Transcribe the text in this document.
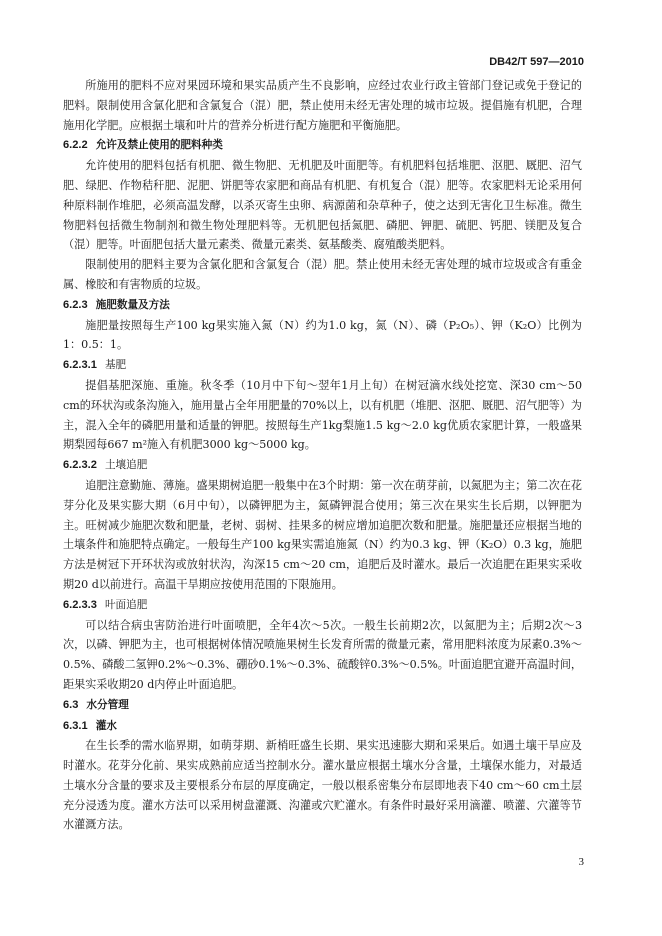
DB42/T 597—2010

所施用的肥料不应对果园环境和果实品质产生不良影响，应经过农业行政主管部门登记或免于登记的肥料。限制使用含氯化肥和含氯复合（混）肥，禁止使用未经无害处理的城市垃圾。提倡施有机肥，合理施用化学肥。应根据土壤和叶片的营养分析进行配方施肥和平衡施肥。

6.2.2 允许及禁止使用的肥料种类

允许使用的肥料包括有机肥、微生物肥、无机肥及叶面肥等。有机肥料包括堆肥、沤肥、厩肥、沼气肥、绿肥、作物秸秆肥、泥肥、饼肥等农家肥和商品有机肥、有机复合（混）肥等。农家肥料无论采用何种原料制作堆肥，必须高温发酵，以杀灭寄生虫卵、病源菌和杂草种子，使之达到无害化卫生标准。微生物肥料包括微生物制剂和微生物处理肥料等。无机肥包括氮肥、磷肥、钾肥、硫肥、钙肥、镁肥及复合（混）肥等。叶面肥包括大量元素类、微量元素类、氨基酸类、腐殖酸类肥料。

限制使用的肥料主要为含氯化肥和含氯复合（混）肥。禁止使用未经无害处理的城市垃圾或含有重金属、橡胶和有害物质的垃圾。

6.2.3 施肥数量及方法

施肥量按照每生产100 kg果实施入氮（N）约为1.0 kg，氮（N）、磷（P₂O₅）、钾（K₂O）比例为1：0.5：1。

6.2.3.1 基肥

提倡基肥深施、重施。秋冬季（10月中下旬～翌年1月上旬）在树冠滴水线处挖宽、深30 cm～50 cm的环状沟或条沟施入，施用量占全年用肥量的70%以上，以有机肥（堆肥、沤肥、厩肥、沼气肥等）为主，混入全年的磷肥用量和适量的钾肥。按照每生产1kg梨施1.5 kg～2.0 kg优质农家肥计算，一般盛果期梨园每667 m²施入有机肥3000 kg～5000 kg。

6.2.3.2 土壤追肥

追肥注意勤施、薄施。盛果期树追肥一般集中在3个时期：第一次在萌芽前，以氮肥为主；第二次在花芽分化及果实膨大期（6月中旬），以磷钾肥为主，氮磷钾混合使用；第三次在果实生长后期，以钾肥为主。旺树减少施肥次数和肥量，老树、弱树、挂果多的树应增加追肥次数和肥量。施肥量还应根据当地的土壤条件和施肥特点确定。一般每生产100 kg果实需追施氮（N）约为0.3 kg、钾（K₂O）0.3 kg，施肥方法是树冠下开环状沟或放射状沟，沟深15 cm～20 cm，追肥后及时灌水。最后一次追肥在距果实采收期20 d以前进行。高温干旱期应按使用范围的下限施用。

6.2.3.3 叶面追肥

可以结合病虫害防治进行叶面喷肥，全年4次～5次。一般生长前期2次，以氮肥为主；后期2次～3次，以磷、钾肥为主，也可根据树体情况喷施果树生长发育所需的微量元素，常用肥料浓度为尿素0.3%～0.5%、磷酸二氢钾0.2%～0.3%、硼砂0.1%～0.3%、硫酸锌0.3%～0.5%。叶面追肥宜避开高温时间，距果实采收期20 d内停止叶面追肥。

6.3 水分管理
6.3.1 灌水

在生长季的需水临界期，如萌芽期、新梢旺盛生长期、果实迅速膨大期和采果后。如遇土壤干旱应及时灌水。花芽分化前、果实成熟前应适当控制水分。灌水量应根据土壤水分含量，土壤保水能力，对最适土壤水分含量的要求及主要根系分布层的厚度确定，一般以根系密集分布层即地表下40 cm～60 cm土层充分浸透为度。灌水方法可以采用树盘灌溉、沟灌或穴贮灌水。有条件时最好采用滴灌、喷灌、穴灌等节水灌溉方法。

3
